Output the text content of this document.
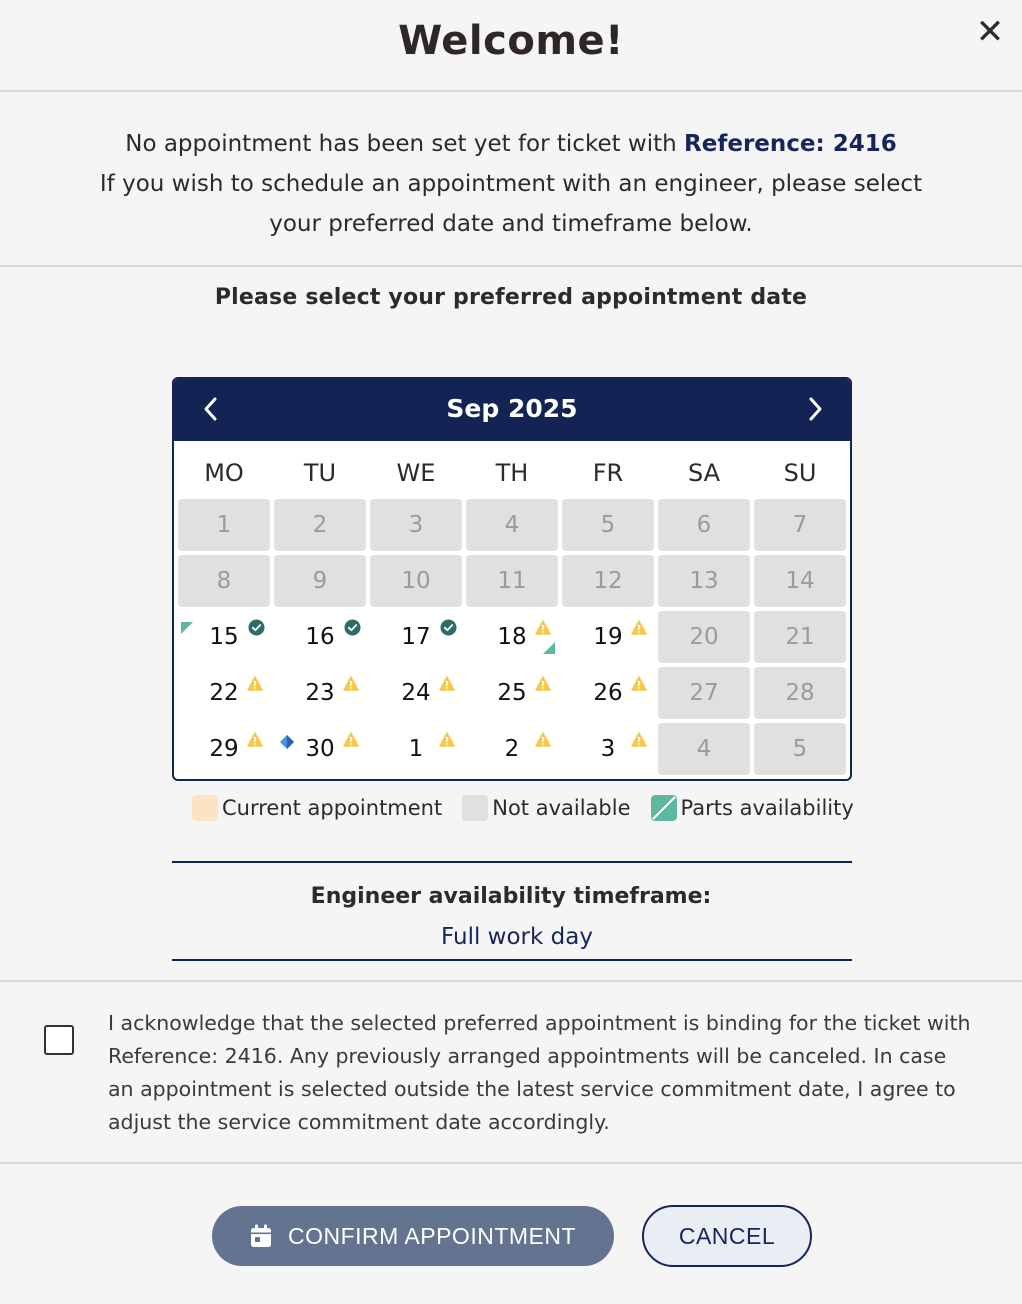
Welcome!	✕
No appointment has been set yet for ticket with Reference: 2416
If you wish to schedule an appointment with an engineer, please select
your preferred date and timeframe below.
Please select your preferred appointment date
Sep 2025
MO	TU	WE	TH	FR	SA	SU
1	2	3	4	5	6	7
8	9	10	11	12	13	14
15	16	17	18	19	20	21
22	23	24	25	26	27	28
29	30	1	2	3	4	5
Current appointment Not available Parts availability
Engineer availability timeframe:
Full work day
I acknowledge that the selected preferred appointment is binding for the ticket with Reference: 2416. Any previously arranged appointments will be canceled. In case an appointment is selected outside the latest service commitment date, I agree to adjust the service commitment date accordingly.
CONFIRM APPOINTMENT	CANCEL
